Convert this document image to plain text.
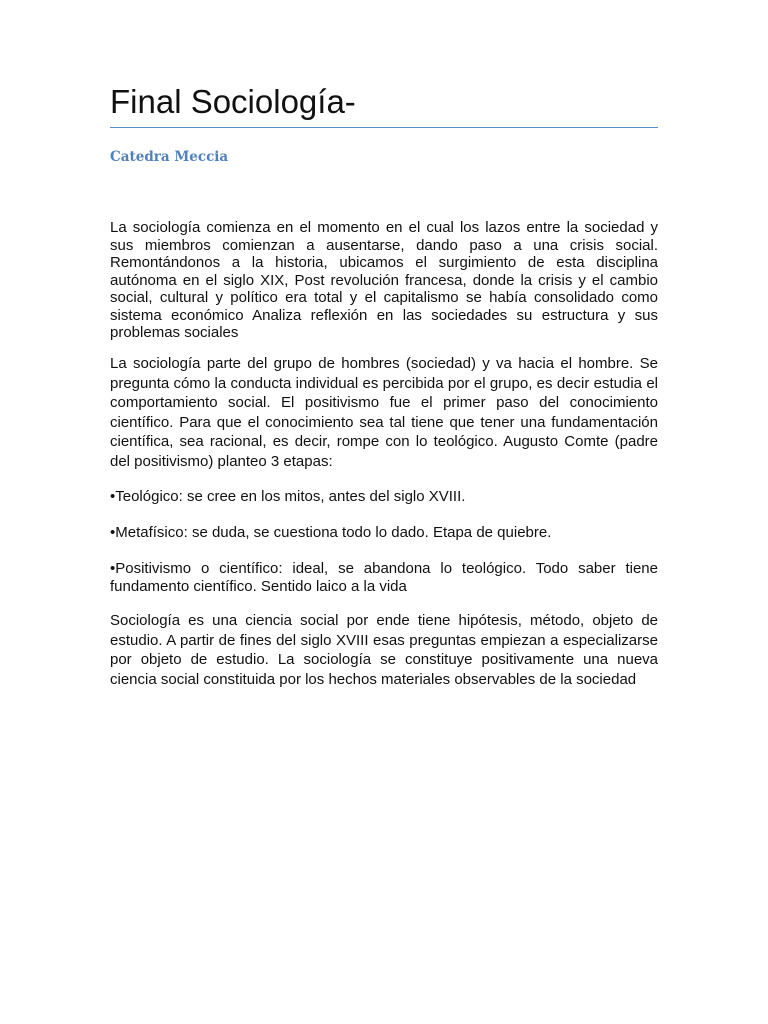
Final Sociología-
Catedra Meccia

La sociología comienza en el momento en el cual los lazos entre la sociedad y sus miembros comienzan a ausentarse, dando paso a una crisis social. Remontándonos a la historia, ubicamos el surgimiento de esta disciplina autónoma en el siglo XIX, Post revolución francesa, donde la crisis y el cambio social, cultural y político era total y el capitalismo se había consolidado como sistema económico Analiza reflexión en las sociedades su estructura y sus problemas sociales

La sociología parte del grupo de hombres (sociedad) y va hacia el hombre. Se pregunta cómo la conducta individual es percibida por el grupo, es decir estudia el comportamiento social. El positivismo fue el primer paso del conocimiento científico. Para que el conocimiento sea tal tiene que tener una fundamentación científica, sea racional, es decir, rompe con lo teológico. Augusto Comte (padre del positivismo) planteo 3 etapas:

•Teológico: se cree en los mitos, antes del siglo XVIII.

•Metafísico: se duda, se cuestiona todo lo dado. Etapa de quiebre.

•Positivismo o científico: ideal, se abandona lo teológico. Todo saber tiene fundamento científico. Sentido laico a la vida

Sociología es una ciencia social por ende tiene hipótesis, método, objeto de estudio. A partir de fines del siglo XVIII esas preguntas empiezan a especializarse por objeto de estudio. La sociología se constituye positivamente una nueva ciencia social constituida por los hechos materiales observables de la sociedad
